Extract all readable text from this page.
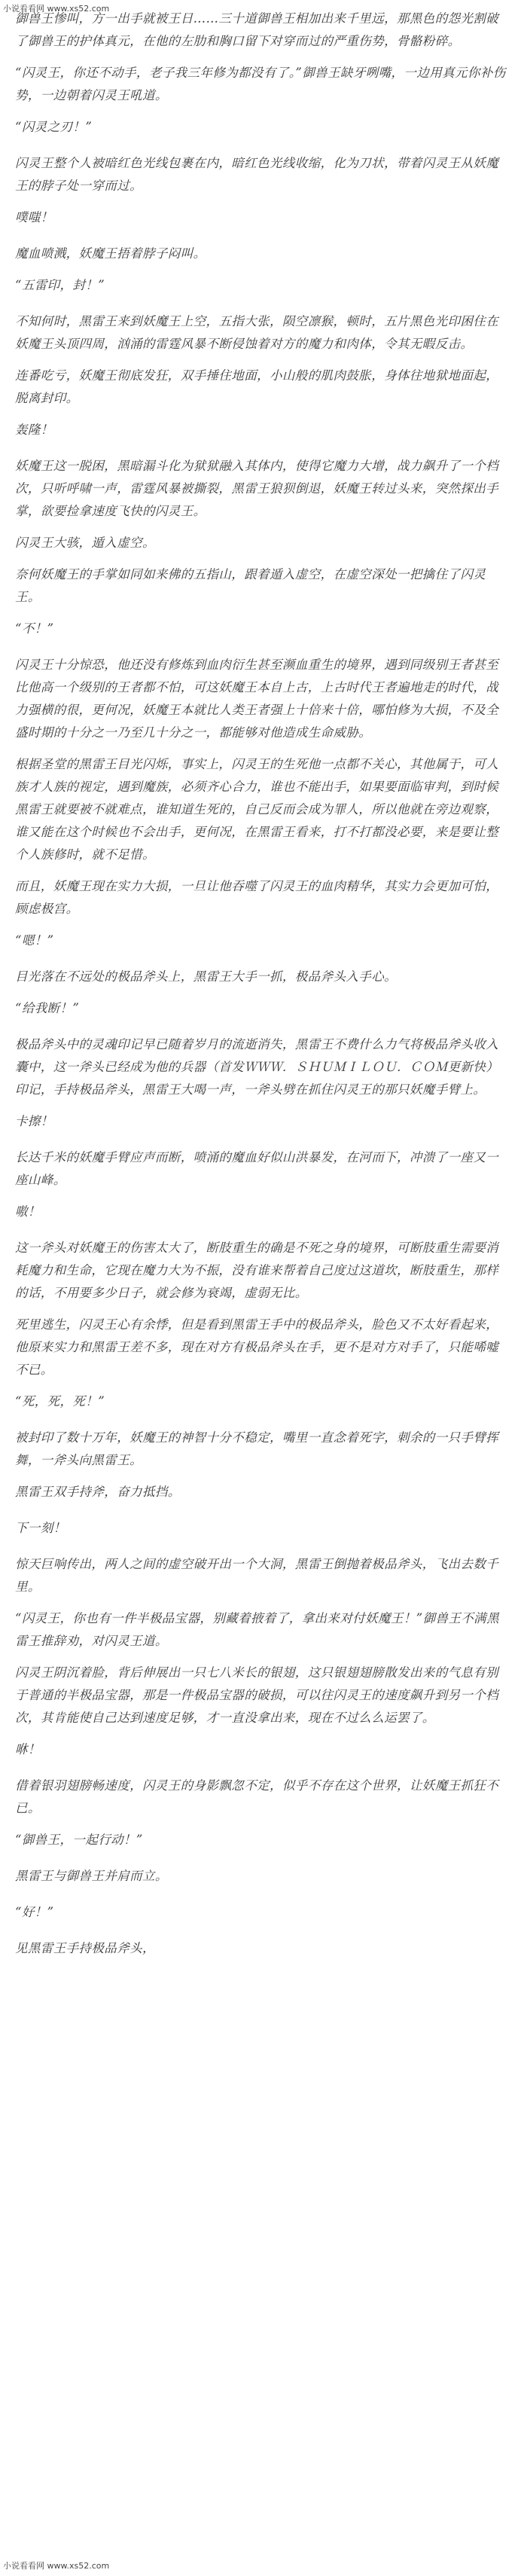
小说看看网 www.xs52.com

御兽王惨叫，方一出手就被王日……三十道御兽王相加出来千里远，那黑色的怨光割破了御兽王的护体真元，在他的左肋和胸口留下对穿而过的严重伤势，骨骼粉碎。

“闪灵王，你还不动手，老子我三年修为都没有了。”御兽王缺牙咧嘴，一边用真元你补伤势，一边朝着闪灵王吼道。

“闪灵之刃！”

闪灵王整个人被暗红色光线包裹在内，暗红色光线收缩，化为刀状，带着闪灵王从妖魔王的脖子处一穿而过。

噗嗤！

魔血喷溅，妖魔王捂着脖子闷叫。

“五雷印，封！”

不知何时，黑雷王来到妖魔王上空，五指大张，陨空凛猴，顿时，五片黑色光印困住在妖魔王头顶四周，汹涌的雷霆风暴不断侵蚀着对方的魔力和肉体，令其无暇反击。

连番吃亏，妖魔王彻底发狂，双手捶住地面，小山般的肌肉鼓胀，身体往地狱地面起，脱离封印。

轰隆！

妖魔王这一脱困，黑暗漏斗化为狱狱融入其体内，使得它魔力大增，战力飙升了一个档次，只听呼啸一声，雷霆风暴被撕裂，黑雷王狼狈倒退，妖魔王转过头来，突然探出手掌，欲要捡拿速度飞快的闪灵王。

闪灵王大骇，遁入虚空。

奈何妖魔王的手掌如同如来佛的五指山，跟着遁入虚空，在虚空深处一把擒住了闪灵王。

“不！”

闪灵王十分惊恐，他还没有修炼到血肉衍生甚至濒血重生的境界，遇到同级别王者甚至比他高一个级别的王者都不怕，可这妖魔王本自上古，上古时代王者遍地走的时代，战力强横的很，更何况，妖魔王本就比人类王者强上十倍来十倍，哪怕修为大损，不及全盛时期的十分之一乃至几十分之一，都能够对他造成生命威胁。

根据圣堂的黑雷王目光闪烁，事实上，闪灵王的生死他一点都不关心，其他属于，可人族才人族的视定，遇到魔族，必须齐心合力，谁也不能出手，如果要面临审判，到时候黑雷王就要被不就难点，谁知道生死的，自己反而会成为罪人，所以他就在旁边观察，谁又能在这个时候也不会出手，更何况，在黑雷王看来，打不打都没必要，来是要让整个人族修时，就不足惜。

而且，妖魔王现在实力大损，一旦让他吞噬了闪灵王的血肉精华，其实力会更加可怕，顾虑极宫。

“嗯！”

目光落在不远处的极品斧头上，黑雷王大手一抓，极品斧头入手心。

“给我断！”

极品斧头中的灵魂印记早已随着岁月的流逝消失，黑雷王不费什么力气将极品斧头收入囊中，这一斧头已经成为他的兵器（首发ＷＷＷ．ＳＨＵＭＩＬＯＵ．ＣＯＭ更新快）印记，手持极品斧头，黑雷王大喝一声，一斧头劈在抓住闪灵王的那只妖魔手臂上。

卡擦！

长达千米的妖魔手臂应声而断，喷涌的魔血好似山洪暴发，在河而下，冲溃了一座又一座山峰。

嗷！

这一斧头对妖魔王的伤害太大了，断肢重生的确是不死之身的境界，可断肢重生需要消耗魔力和生命，它现在魔力大为不振，没有谁来帮着自己度过这道坎，断肢重生，那样的话，不用要多少日子，就会修为衰竭，虚弱无比。

死里逃生，闪灵王心有余悸，但是看到黑雷王手中的极品斧头，脸色又不太好看起来，他原来实力和黑雷王差不多，现在对方有极品斧头在手，更不是对方对手了，只能唏嘘不已。

“死，死，死！”

被封印了数十万年，妖魔王的神智十分不稳定，嘴里一直念着死字，刺余的一只手臂挥舞，一斧头向黑雷王。

黑雷王双手持斧，奋力抵挡。

下一刻！

惊天巨响传出，两人之间的虚空破开出一个大洞，黑雷王倒抛着极品斧头，飞出去数千里。

“闪灵王，你也有一件半极品宝器，别藏着掖着了，拿出来对付妖魔王！”御兽王不满黑雷王推辞劝，对闪灵王道。

闪灵王阴沉着脸，背后伸展出一只七八米长的银翅，这只银翅翅膀散发出来的气息有别于普通的半极品宝器，那是一件极品宝器的破损，可以往闪灵王的速度飙升到另一个档次，其肯能使自己达到速度足够，才一直没拿出来，现在不过么么运罢了。

咻！

借着银羽翅膀畅速度，闪灵王的身影飘忽不定，似乎不存在这个世界，让妖魔王抓狂不已。

“御兽王，一起行动！”

黑雷王与御兽王并肩而立。

“好！”

见黑雷王手持极品斧头，

小说看看网 www.xs52.com
